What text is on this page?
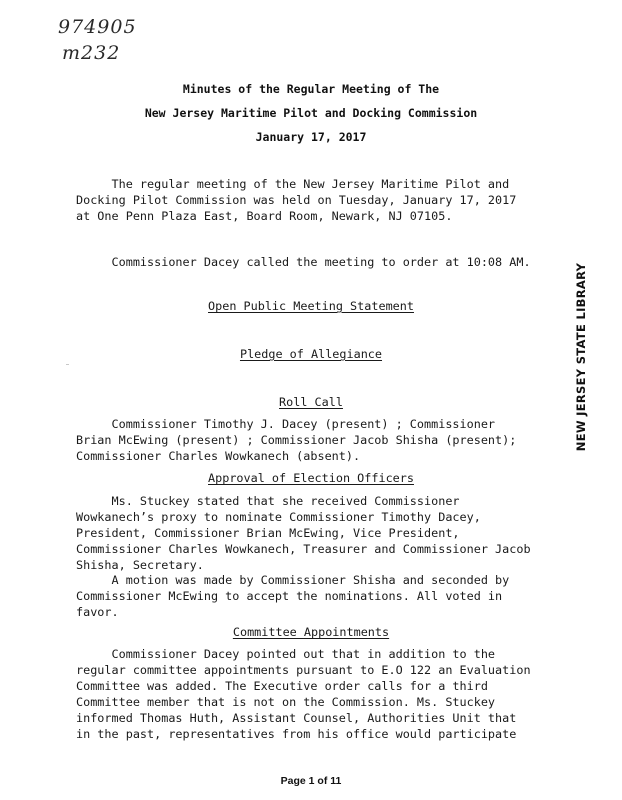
974905
m232
Minutes of the Regular Meeting of The
New Jersey Maritime Pilot and Docking Commission
January 17, 2017

The regular meeting of the New Jersey Maritime Pilot and
Docking Pilot Commission was held on Tuesday, January 17, 2017
at One Penn Plaza East, Board Room, Newark, NJ 07105.

Commissioner Dacey called the meeting to order at 10:08 AM.

Open Public Meeting Statement
Pledge of Allegiance
Roll Call

Commissioner Timothy J. Dacey (present) ; Commissioner
Brian McEwing (present) ; Commissioner Jacob Shisha (present);
Commissioner Charles Wowkanech (absent).

Approval of Election Officers

Ms. Stuckey stated that she received Commissioner
Wowkanech’s proxy to nominate Commissioner Timothy Dacey,
President, Commissioner Brian McEwing, Vice President,
Commissioner Charles Wowkanech, Treasurer and Commissioner Jacob
Shisha, Secretary.

A motion was made by Commissioner Shisha and seconded by
Commissioner McEwing to accept the nominations. All voted in
favor.

Committee Appointments

Commissioner Dacey pointed out that in addition to the
regular committee appointments pursuant to E.O 122 an Evaluation
Committee was added. The Executive order calls for a third
Committee member that is not on the Commission. Ms. Stuckey
informed Thomas Huth, Assistant Counsel, Authorities Unit that
in the past, representatives from his office would participate

NEW JERSEY STATE LIBRARY
Page 1 of 11
